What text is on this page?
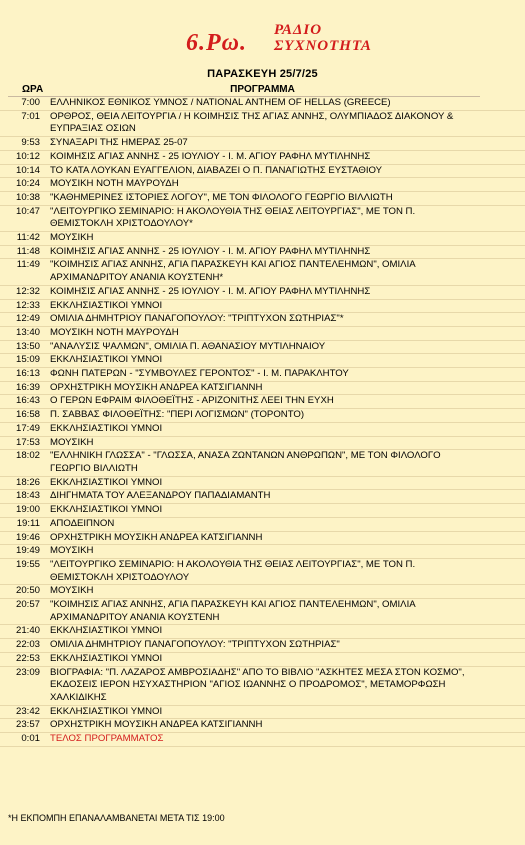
6.Ρω. ΡΑΔΙΟ
ΣΥΧΝΟΤΗΤΑ
ΠΑΡΑΣΚΕΥΗ 25/7/25
ΩΡΑ	ΠΡΟΓΡΑΜΜΑ
7:00	ΕΛΛΗΝΙΚΟΣ ΕΘΝΙΚΟΣ ΥΜΝΟΣ / NATIONAL ANTHEM OF HELLAS (GREECE)
7:01	ΟΡΘΡΟΣ, ΘΕΙΑ ΛΕΙΤΟΥΡΓΙΑ / Η ΚΟΙΜΗΣΙΣ ΤΗΣ ΑΓΙΑΣ ΑΝΝΗΣ, ΟΛΥΜΠΙΑΔΟΣ ΔΙΑΚΟΝΟΥ & ΕΥΠΡΑΞΙΑΣ ΟΣΙΩΝ
9:53	ΣΥΝΑΞΑΡΙ ΤΗΣ ΗΜΕΡΑΣ 25-07
10:12	ΚΟΙΜΗΣΙΣ ΑΓΙΑΣ ΑΝΝΗΣ - 25 ΙΟΥΛΙΟΥ - Ι. Μ. ΑΓΙΟΥ ΡΑΦΗΛ ΜΥΤΙΛΗΝΗΣ
10:14	ΤΟ ΚΑΤΑ ΛΟΥΚΑΝ ΕΥΑΓΓΕΛΙΟΝ, ΔΙΑΒΑΖΕΙ Ο Π. ΠΑΝΑΓΙΩΤΗΣ ΕΥΣΤΑΘΙΟΥ
10:24	ΜΟΥΣΙΚΗ ΝΟΤΗ ΜΑΥΡΟΥΔΗ
10:38	"ΚΑΘΗΜΕΡΙΝΕΣ ΙΣΤΟΡΙΕΣ ΛΟΓΟΥ", ΜΕ ΤΟΝ ΦΙΛΟΛΟΓΟ ΓΕΩΡΓΙΟ ΒΙΛΛΙΩΤΗ
10:47	"ΛΕΙΤΟΥΡΓΙΚΟ ΣΕΜΙΝΑΡΙΟ: Η ΑΚΟΛΟΥΘΙΑ ΤΗΣ ΘΕΙΑΣ ΛΕΙΤΟΥΡΓΙΑΣ", ΜΕ ΤΟΝ Π. ΘΕΜΙΣΤΟΚΛΗ ΧΡΙΣΤΟΔΟΥΛΟΥ*
11:42	ΜΟΥΣΙΚΗ
11:48	ΚΟΙΜΗΣΙΣ ΑΓΙΑΣ ΑΝΝΗΣ - 25 ΙΟΥΛΙΟΥ - Ι. Μ. ΑΓΙΟΥ ΡΑΦΗΛ ΜΥΤΙΛΗΝΗΣ
11:49	"ΚΟΙΜΗΣΙΣ ΑΓΙΑΣ ΑΝΝΗΣ, ΑΓΙΑ ΠΑΡΑΣΚΕΥΗ ΚΑΙ ΑΓΙΟΣ ΠΑΝΤΕΛΕΗΜΩΝ", ΟΜΙΛΙΑ ΑΡΧΙΜΑΝΔΡΙΤΟΥ ΑΝΑΝΙΑ ΚΟΥΣΤΕΝΗ*
12:32	ΚΟΙΜΗΣΙΣ ΑΓΙΑΣ ΑΝΝΗΣ - 25 ΙΟΥΛΙΟΥ - Ι. Μ. ΑΓΙΟΥ ΡΑΦΗΛ ΜΥΤΙΛΗΝΗΣ
12:33	ΕΚΚΛΗΣΙΑΣΤΙΚΟΙ ΥΜΝΟΙ
12:49	ΟΜΙΛΙΑ ΔΗΜΗΤΡΙΟΥ ΠΑΝΑΓΟΠΟΥΛΟΥ: "ΤΡΙΠΤΥΧΟΝ ΣΩΤΗΡΙΑΣ"*
13:40	ΜΟΥΣΙΚΗ ΝΟΤΗ ΜΑΥΡΟΥΔΗ
13:50	"ΑΝΑΛΥΣΙΣ ΨΑΛΜΩΝ", ΟΜΙΛΙΑ Π. ΑΘΑΝΑΣΙΟΥ ΜΥΤΙΛΗΝΑΙΟΥ
15:09	ΕΚΚΛΗΣΙΑΣΤΙΚΟΙ ΥΜΝΟΙ
16:13	ΦΩΝΗ ΠΑΤΕΡΩΝ - "ΣΥΜΒΟΥΛΕΣ ΓΕΡΟΝΤΟΣ" - Ι. Μ. ΠΑΡΑΚΛΗΤΟΥ
16:39	ΟΡΧΗΣΤΡΙΚΗ ΜΟΥΣΙΚΗ ΑΝΔΡΕΑ ΚΑΤΣΙΓΙΑΝΝΗ
16:43	Ο ΓΕΡΩΝ ΕΦΡΑΙΜ ΦΙΛΟΘΕΪΤΗΣ - ΑΡΙΖΟΝΙΤΗΣ ΛΕΕΙ ΤΗΝ ΕΥΧΗ
16:58	Π. ΣΑΒΒΑΣ ΦΙΛΟΘΕΪΤΗΣ: "ΠΕΡΙ ΛΟΓΙΣΜΩΝ" (ΤΟΡΟΝΤΟ)
17:49	ΕΚΚΛΗΣΙΑΣΤΙΚΟΙ ΥΜΝΟΙ
17:53	ΜΟΥΣΙΚΗ
18:02	"ΕΛΛΗΝΙΚΗ ΓΛΩΣΣΑ" - "ΓΛΩΣΣΑ, ΑΝΑΣΑ ΖΩΝΤΑΝΩΝ ΑΝΘΡΩΠΩΝ", ΜΕ ΤΟΝ ΦΙΛΟΛΟΓΟ ΓΕΩΡΓΙΟ ΒΙΛΛΙΩΤΗ
18:26	ΕΚΚΛΗΣΙΑΣΤΙΚΟΙ ΥΜΝΟΙ
18:43	ΔΙΗΓΗΜΑΤΑ ΤΟΥ ΑΛΕΞΑΝΔΡΟΥ ΠΑΠΑΔΙΑΜΑΝΤΗ
19:00	ΕΚΚΛΗΣΙΑΣΤΙΚΟΙ ΥΜΝΟΙ
19:11	ΑΠΟΔΕΙΠΝΟΝ
19:46	ΟΡΧΗΣΤΡΙΚΗ ΜΟΥΣΙΚΗ ΑΝΔΡΕΑ ΚΑΤΣΙΓΙΑΝΝΗ
19:49	ΜΟΥΣΙΚΗ
19:55	"ΛΕΙΤΟΥΡΓΙΚΟ ΣΕΜΙΝΑΡΙΟ: Η ΑΚΟΛΟΥΘΙΑ ΤΗΣ ΘΕΙΑΣ ΛΕΙΤΟΥΡΓΙΑΣ", ΜΕ ΤΟΝ Π. ΘΕΜΙΣΤΟΚΛΗ ΧΡΙΣΤΟΔΟΥΛΟΥ
20:50	ΜΟΥΣΙΚΗ
20:57	"ΚΟΙΜΗΣΙΣ ΑΓΙΑΣ ΑΝΝΗΣ, ΑΓΙΑ ΠΑΡΑΣΚΕΥΗ ΚΑΙ ΑΓΙΟΣ ΠΑΝΤΕΛΕΗΜΩΝ", ΟΜΙΛΙΑ ΑΡΧΙΜΑΝΔΡΙΤΟΥ ΑΝΑΝΙΑ ΚΟΥΣΤΕΝΗ
21:40	ΕΚΚΛΗΣΙΑΣΤΙΚΟΙ ΥΜΝΟΙ
22:03	ΟΜΙΛΙΑ ΔΗΜΗΤΡΙΟΥ ΠΑΝΑΓΟΠΟΥΛΟΥ: "ΤΡΙΠΤΥΧΟΝ ΣΩΤΗΡΙΑΣ"
22:53	ΕΚΚΛΗΣΙΑΣΤΙΚΟΙ ΥΜΝΟΙ
23:09	ΒΙΟΓΡΑΦΙΑ: "Π. ΛΑΖΑΡΟΣ ΑΜΒΡΟΣΙΑΔΗΣ" ΑΠΟ ΤΟ ΒΙΒΛΙΟ "ΑΣΚΗΤΕΣ ΜΕΣΑ ΣΤΟΝ ΚΟΣΜΟ", ΕΚΔΟΣΕΙΣ ΙΕΡΟΝ ΗΣΥΧΑΣΤΗΡΙΟΝ "ΑΓΙΟΣ ΙΩΑΝΝΗΣ Ο ΠΡΟΔΡΟΜΟΣ", ΜΕΤΑΜΟΡΦΩΣΗ ΧΑΛΚΙΔΙΚΗΣ
23:42	ΕΚΚΛΗΣΙΑΣΤΙΚΟΙ ΥΜΝΟΙ
23:57	ΟΡΧΗΣΤΡΙΚΗ ΜΟΥΣΙΚΗ ΑΝΔΡΕΑ ΚΑΤΣΙΓΙΑΝΝΗ
0:01	ΤΕΛΟΣ ΠΡΟΓΡΑΜΜΑΤΟΣ
*Η ΕΚΠΟΜΠΗ ΕΠΑΝΑΛΑΜΒΑΝΕΤΑΙ ΜΕΤΑ ΤΙΣ 19:00
